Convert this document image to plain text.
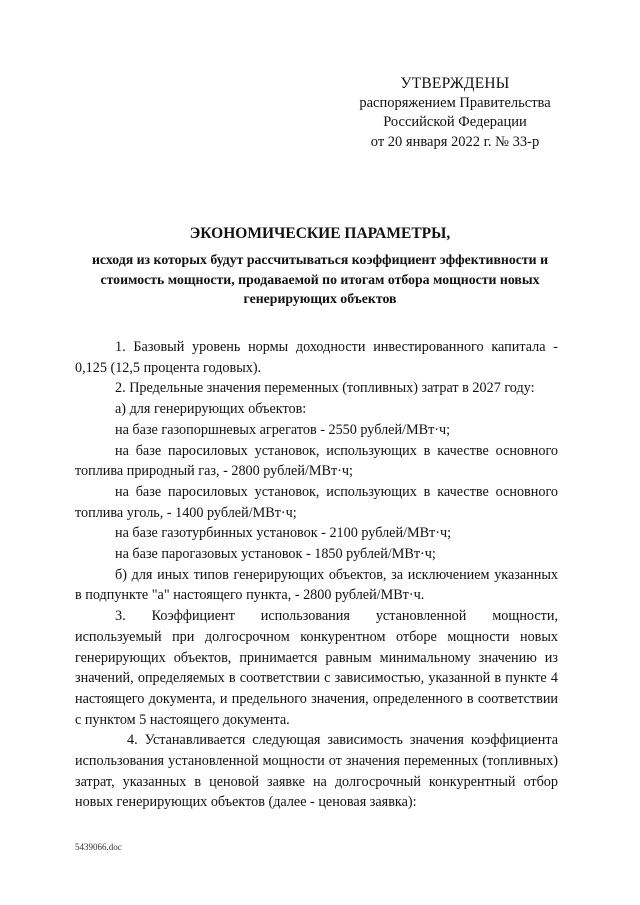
УТВЕРЖДЕНЫ
распоряжением Правительства
Российской Федерации
от 20 января 2022 г. № 33-р
ЭКОНОМИЧЕСКИЕ ПАРАМЕТРЫ,
исходя из которых будут рассчитываться коэффициент эффективности и стоимость мощности, продаваемой по итогам отбора мощности новых генерирующих объектов

1. Базовый уровень нормы доходности инвестированного капитала - 0,125 (12,5 процента годовых).

2. Предельные значения переменных (топливных) затрат в 2027 году:

а) для генерирующих объектов:

на базе газопоршневых агрегатов - 2550 рублей/МВт·ч;

на базе паросиловых установок, использующих в качестве основного топлива природный газ, - 2800 рублей/МВт·ч;

на базе паросиловых установок, использующих в качестве основного топлива уголь, - 1400 рублей/МВт·ч;

на базе газотурбинных установок - 2100 рублей/МВт·ч;

на базе парогазовых установок - 1850 рублей/МВт·ч;

б) для иных типов генерирующих объектов, за исключением указанных в подпункте "а" настоящего пункта, - 2800 рублей/МВт·ч.

3. Коэффициент использования установленной мощности, используемый при долгосрочном конкурентном отборе мощности новых генерирующих объектов, принимается равным минимальному значению из значений, определяемых в соответствии с зависимостью, указанной в пункте 4 настоящего документа, и предельного значения, определенного в соответствии с пунктом 5 настоящего документа.

4. Устанавливается следующая зависимость значения коэффициента использования установленной мощности от значения переменных (топливных) затрат, указанных в ценовой заявке на долгосрочный конкурентный отбор новых генерирующих объектов (далее - ценовая заявка):

5439066.doc
